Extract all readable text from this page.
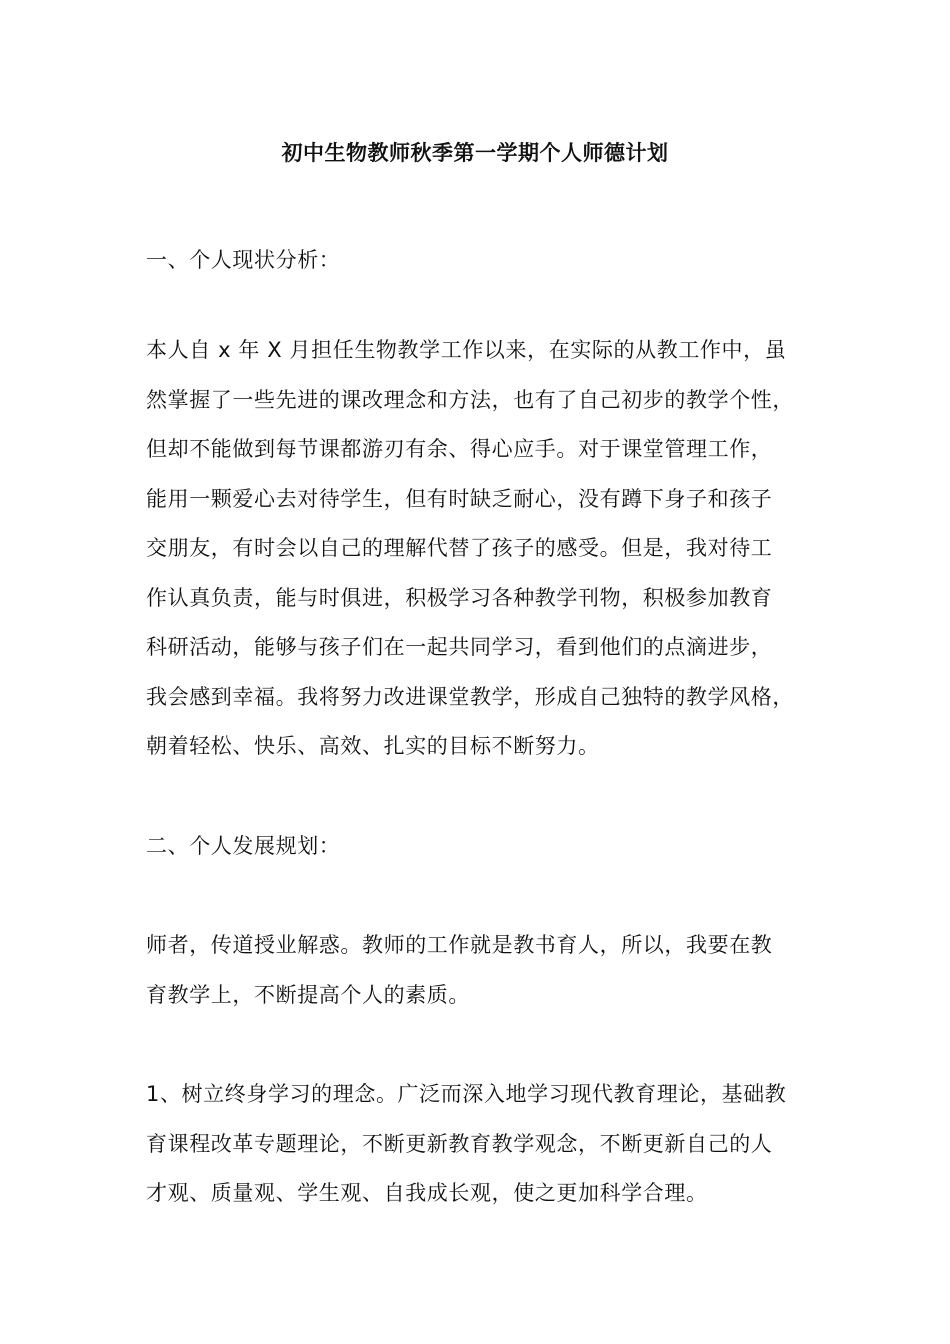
初中生物教师秋季第一学期个人师德计划
一、个人现状分析：
本人自 x 年 X 月担任生物教学工作以来，在实际的从教工作中，虽
然掌握了一些先进的课改理念和方法，也有了自己初步的教学个性，
但却不能做到每节课都游刃有余、得心应手。对于课堂管理工作，
能用一颗爱心去对待学生，但有时缺乏耐心，没有蹲下身子和孩子
交朋友，有时会以自己的理解代替了孩子的感受。但是，我对待工
作认真负责，能与时俱进，积极学习各种教学刊物，积极参加教育
科研活动，能够与孩子们在一起共同学习，看到他们的点滴进步，
我会感到幸福。我将努力改进课堂教学，形成自己独特的教学风格，
朝着轻松、快乐、高效、扎实的目标不断努力。
二、个人发展规划：
师者，传道授业解惑。教师的工作就是教书育人，所以，我要在教
育教学上，不断提高个人的素质。
1、树立终身学习的理念。广泛而深入地学习现代教育理论，基础教
育课程改革专题理论，不断更新教育教学观念，不断更新自己的人
才观、质量观、学生观、自我成长观，使之更加科学合理。
